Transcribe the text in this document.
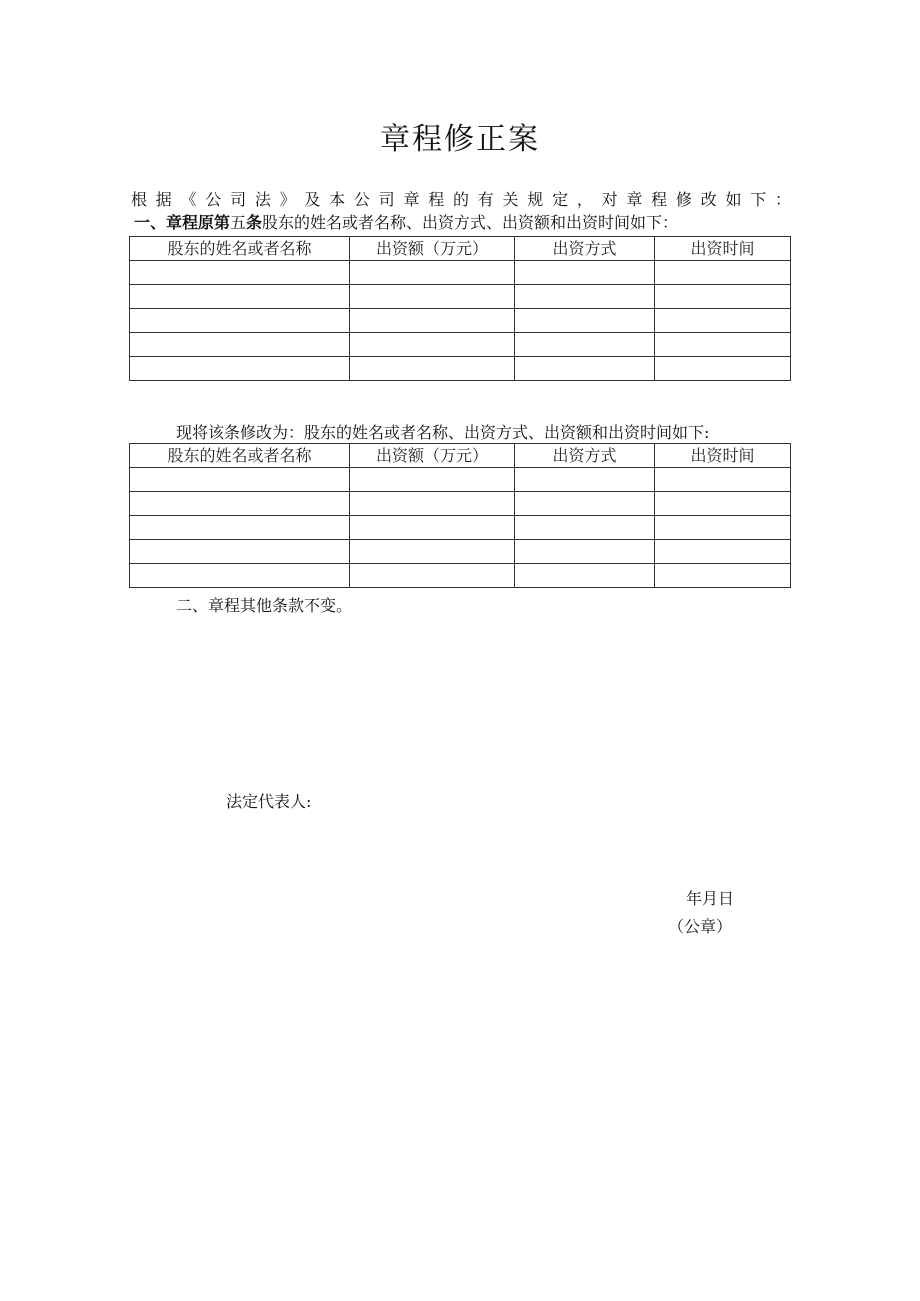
章程修正案
根据《公司法》及本公司章程的有关规定，对章程修改如下：
一、章程原第五条股东的姓名或者名称、出资方式、出资额和出资时间如下：
股东的姓名或者名称	出资额（万元）	出资方式	出资时间

现将该条修改为：股东的姓名或者名称、出资方式、出资额和出资时间如下:
股东的姓名或者名称	出资额（万元）	出资方式	出资时间

二、章程其他条款不变。
法定代表人:
年月日
（公章）
